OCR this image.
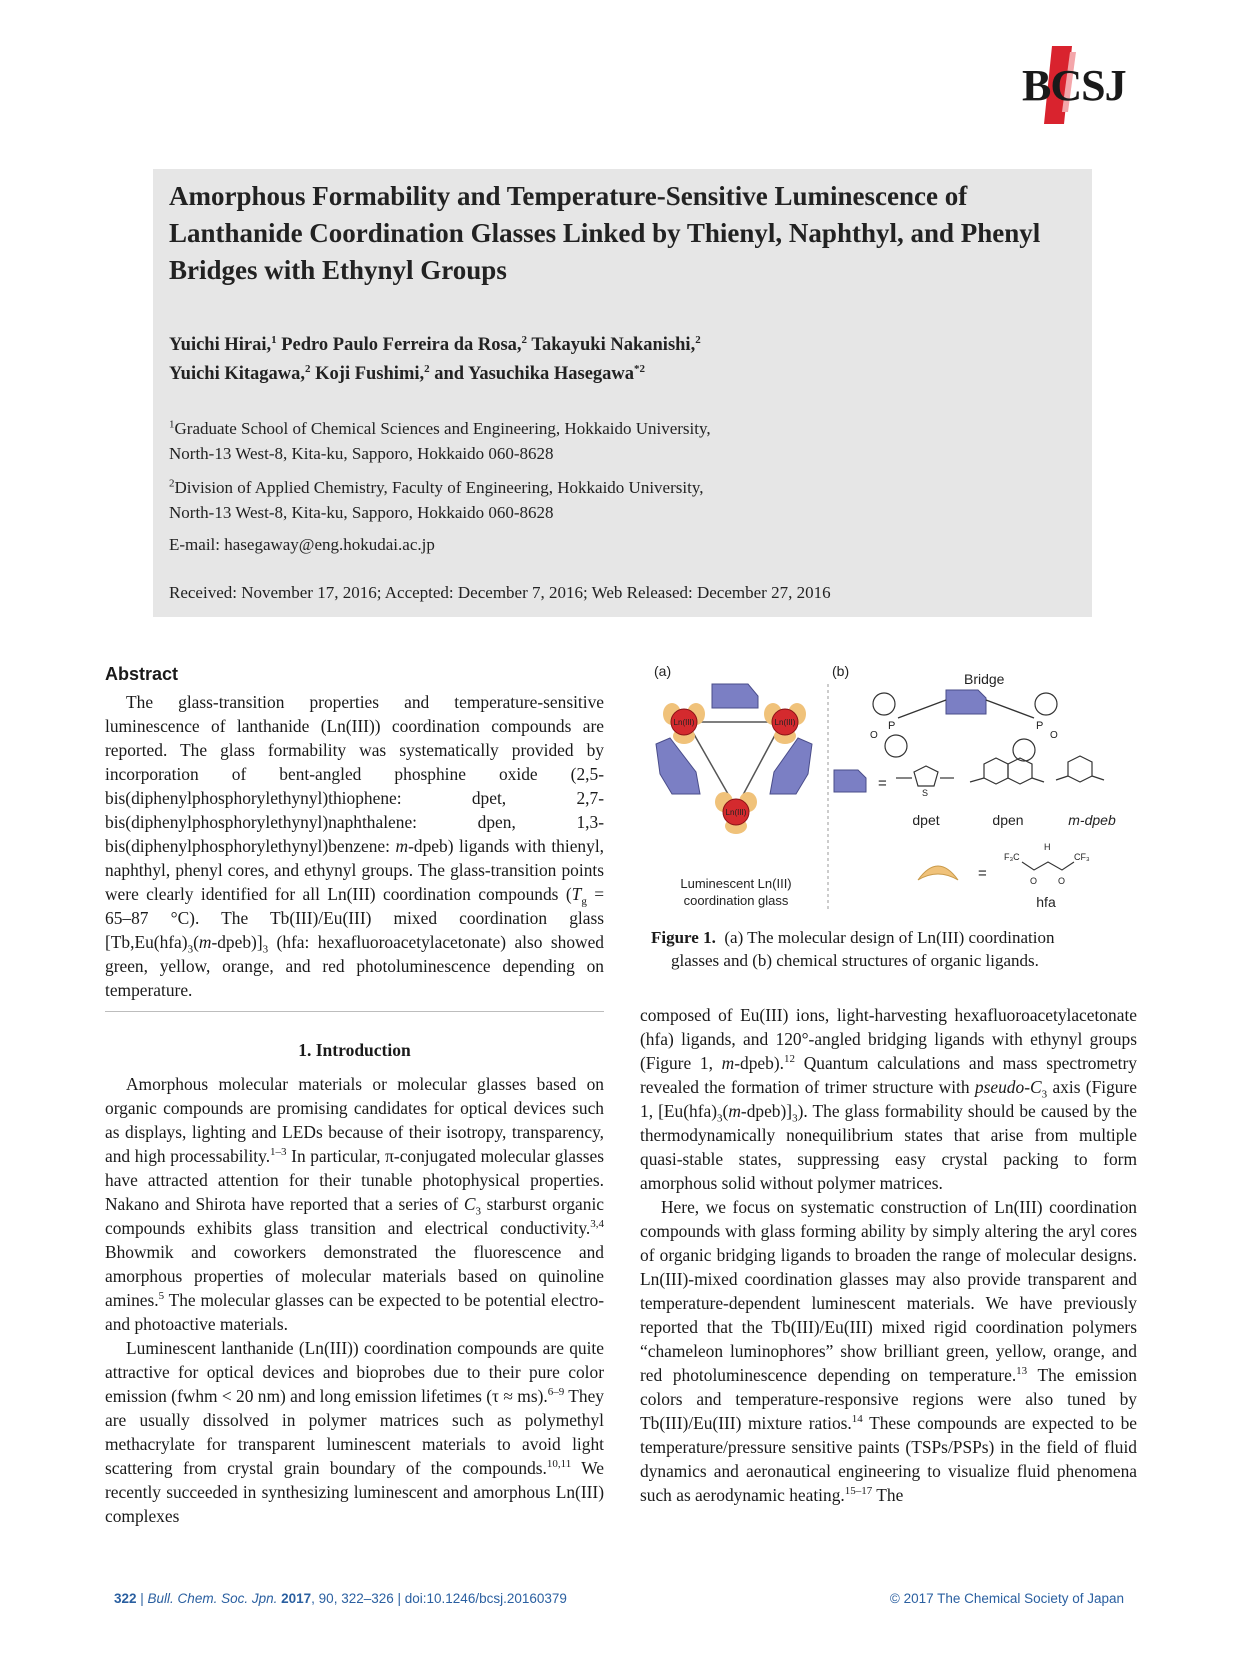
BCSJ
Amorphous Formability and Temperature-Sensitive Luminescence of Lanthanide Coordination Glasses Linked by Thienyl, Naphthyl, and Phenyl Bridges with Ethynyl Groups
Yuichi Hirai,$^1$ Pedro Paulo Ferreira da Rosa,$^2$ Takayuki Nakanishi,$^2$
Yuichi Kitagawa,$^2$ Koji Fushimi,$^2$ and Yasuchika Hasegawa$^{*2}$
$^1$Graduate School of Chemical Sciences and Engineering, Hokkaido University,
North-13 West-8, Kita-ku, Sapporo, Hokkaido 060-8628
$^2$Division of Applied Chemistry, Faculty of Engineering, Hokkaido University,
North-13 West-8, Kita-ku, Sapporo, Hokkaido 060-8628
E-mail: hasegaway@eng.hokudai.ac.jp
Received: November 17, 2016; Accepted: December 7, 2016; Web Released: December 27, 2016
Abstract

The glass-transition properties and temperature-sensitive luminescence of lanthanide (Ln(III)) coordination compounds are reported. The glass formability was systematically provided by incorporation of bent-angled phosphine oxide (2,5-bis(diphenylphosphorylethynyl)thiophene: dpet, 2,7-bis(diphenylphosphorylethynyl)naphthalene: dpen, 1,3-bis(diphenylphosphorylethynyl)benzene: m-dpeb) ligands with thienyl, naphthyl, phenyl cores, and ethynyl groups. The glass-transition points were clearly identified for all Ln(III) coordination compounds ($T_g = 65-87$ °C). The Tb(III)/Eu(III) mixed coordination glass $[Tb,Eu(hfa)_3(m-dpeb)]_3$ (hfa: hexafluoroacetylacetonate) also showed green, yellow, orange, and red photoluminescence depending on temperature.

1. Introduction

Amorphous molecular materials or molecular glasses based on organic compounds are promising candidates for optical devices such as displays, lighting and LEDs because of their isotropy, transparency, and high processability.$^{1-3}$ In particular, π-conjugated molecular glasses have attracted attention for their tunable photophysical properties. Nakano and Shirota have reported that a series of $C_3$ starburst organic compounds exhibits glass transition and electrical conductivity.$^{3,4}$ Bhowmik and coworkers demonstrated the fluorescence and amorphous properties of molecular materials based on quinoline amines.$^5$ The molecular glasses can be expected to be potential electro- and photoactive materials.

Luminescent lanthanide (Ln(III)) coordination compounds are quite attractive for optical devices and bioprobes due to their pure color emission (fwhm < 20 nm) and long emission lifetimes (τ ≈ ms).$^{6-9}$ They are usually dissolved in polymer matrices such as polymethyl methacrylate for transparent luminescent materials to avoid light scattering from crystal grain boundary of the compounds.$^{10,11}$ We recently succeeded in synthesizing luminescent and amorphous Ln(III) complexes

(a)	(b)
Ln(III)	Ln(III)
Ln(III)
Luminescent Ln(III)
coordination glass
Bridge
P
O
P
O
=
S
dpet	dpen	m-dpeb
=
F₃C
H
CF₃
O O
hfa
Figure 1. (a) The molecular design of Ln(III) coordination
glasses and (b) chemical structures of organic ligands.

composed of Eu(III) ions, light-harvesting hexafluoroacetylacetonate (hfa) ligands, and 120°-angled bridging ligands with ethynyl groups (Figure 1, m-dpeb).$^{12}$ Quantum calculations and mass spectrometry revealed the formation of trimer structure with pseudo-$C_3$ axis (Figure 1, $[Eu(hfa)_3(m-dpeb)]_3$). The glass formability should be caused by the thermodynamically nonequilibrium states that arise from multiple quasi-stable states, suppressing easy crystal packing to form amorphous solid without polymer matrices.

Here, we focus on systematic construction of Ln(III) coordination compounds with glass forming ability by simply altering the aryl cores of organic bridging ligands to broaden the range of molecular designs. Ln(III)-mixed coordination glasses may also provide transparent and temperature-dependent luminescent materials. We have previously reported that the Tb(III)/Eu(III) mixed rigid coordination polymers “chameleon luminophores” show brilliant green, yellow, orange, and red photoluminescence depending on temperature.$^{13}$ The emission colors and temperature-responsive regions were also tuned by Tb(III)/Eu(III) mixture ratios.$^{14}$ These compounds are expected to be temperature/pressure sensitive paints (TSPs/PSPs) in the field of fluid dynamics and aeronautical engineering to visualize fluid phenomena such as aerodynamic heating.$^{15-17}$ The

322 | Bull. Chem. Soc. Jpn. 2017, 90, 322–326 | doi:10.1246/bcsj.20160379	© 2017 The Chemical Society of Japan
